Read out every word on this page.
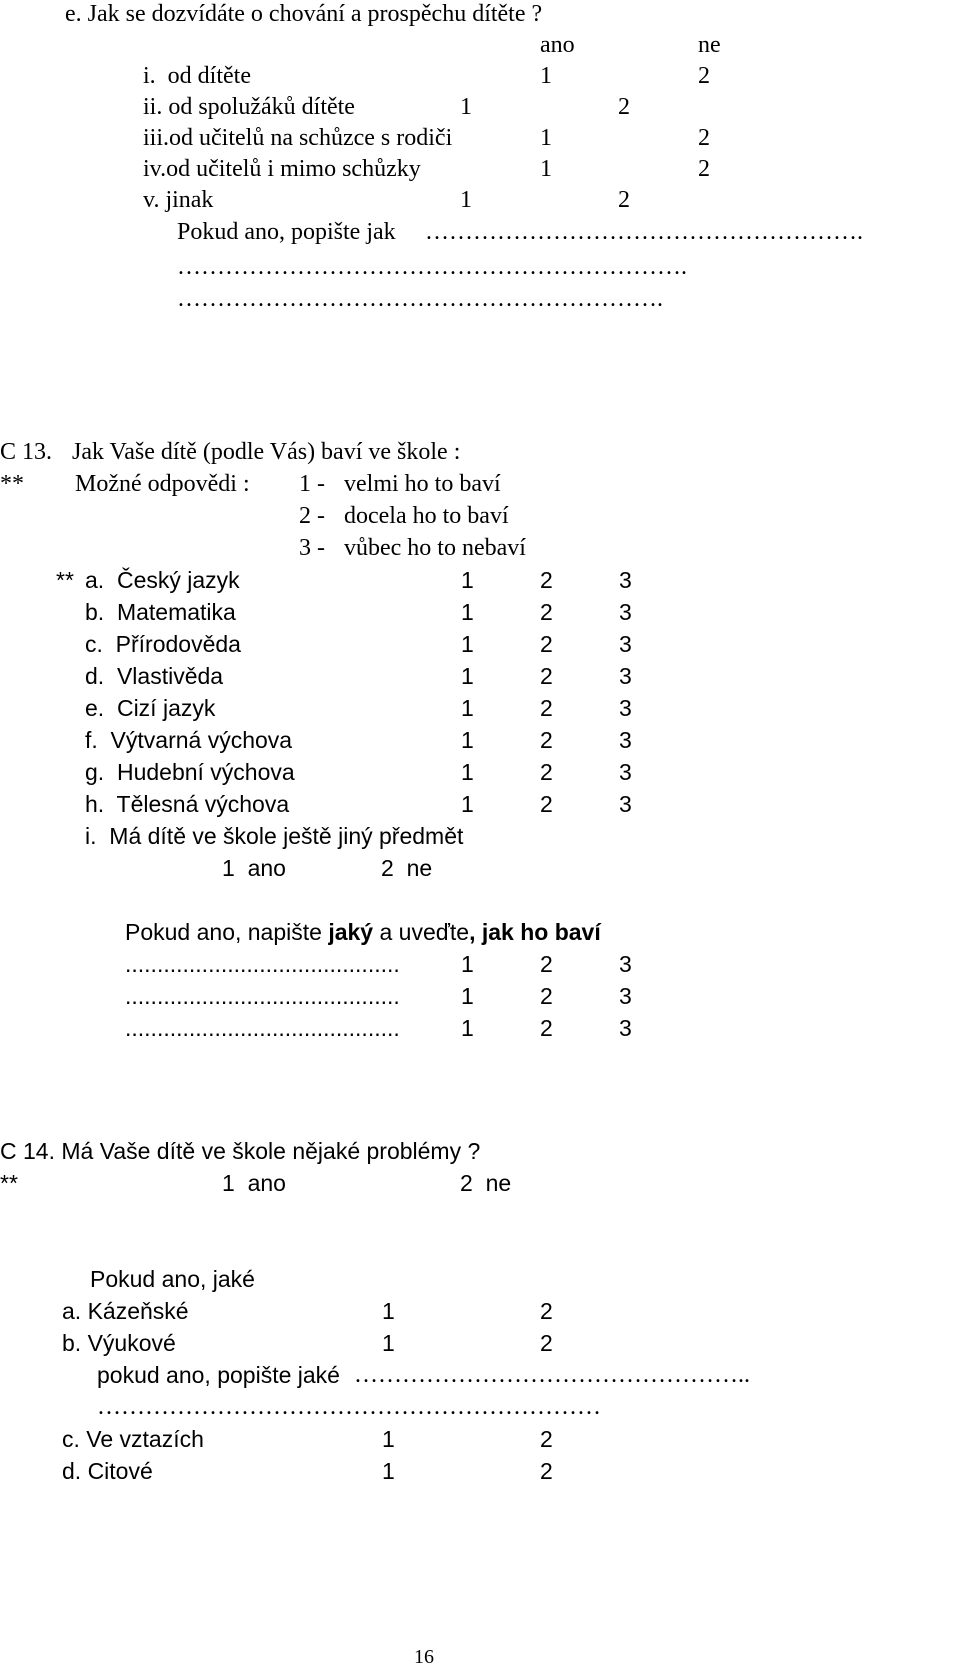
e. Jak se dozvídáte o chování a prospěchu dítěte ?
ano	ne
i.  od dítěte	1	2
ii. od spolužáků dítěte	1	2
iii.od učitelů na schůzce s rodiči	1	2
iv.od učitelů i mimo schůzky	1	2
v. jinak	1	2
Pokud ano, popište jak ……………………………………………….
……………………………………………………….
…………………………………………………….
C 13. Jak Vaše dítě (podle Vás) baví ve škole :
** Možné odpovědi : 1 - velmi ho to baví
2 - docela ho to baví
3 - vůbec ho to nebaví
** a.  Český jazyk	1	2	3
b.  Matematika	1	2	3
c.  Přírodověda	1	2	3
d.  Vlastivěda	1	2	3
e.  Cizí jazyk	1	2	3
f.  Výtvarná výchova	1	2	3
g.  Hudební výchova	1	2	3
h.  Tělesná výchova	1	2	3
i.  Má dítě ve škole ještě jiný předmět
1  ano	2  ne
Pokud ano, napište jaký a uveďte, jak ho baví
...........................................	1	2	3
...........................................	1	2	3
...........................................	1	2	3
C 14. Má Vaše dítě ve škole nějaké problémy ?
**	1  ano	2  ne
Pokud ano, jaké
a. Kázeňské	1	2
b. Výukové	1	2
pokud ano, popište jaké …………………………………………..
………………………………………………………
c. Ve vztazích	1	2
d. Citové	1	2
16
